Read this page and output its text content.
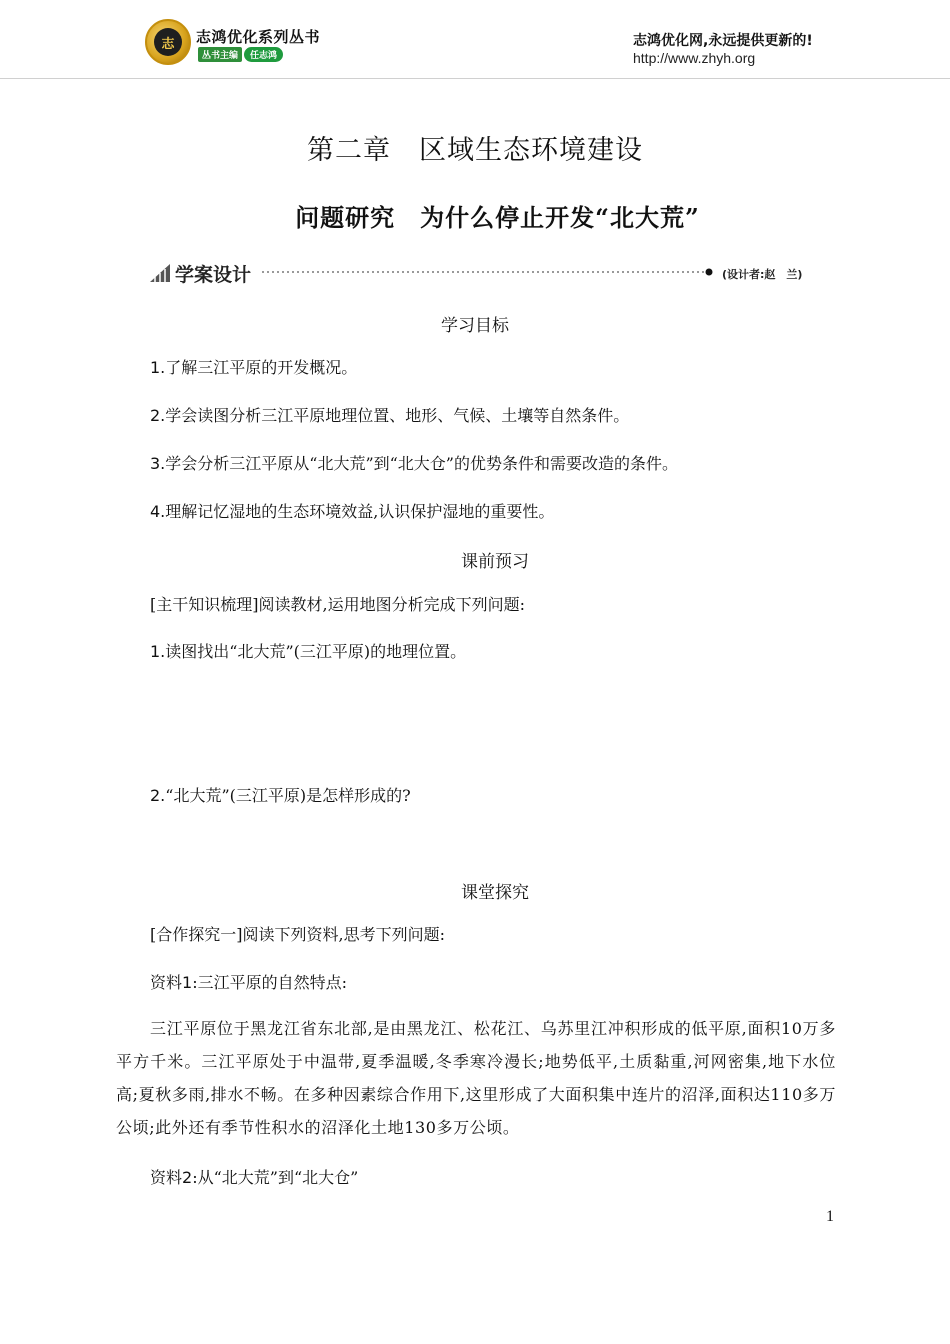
志 志鸿优化系列丛书
丛书主编	任志鸿
志鸿优化网,永远提供更新的!
http://www.zhyh.org
第二章　区域生态环境建设
问题研究　为什么停止开发“北大荒”
学案设计	(设计者:赵　兰)
学习目标
1.了解三江平原的开发概况。
2.学会读图分析三江平原地理位置、地形、气候、土壤等自然条件。
3.学会分析三江平原从“北大荒”到“北大仓”的优势条件和需要改造的条件。
4.理解记忆湿地的生态环境效益,认识保护湿地的重要性。
课前预习
[主干知识梳理]阅读教材,运用地图分析完成下列问题:
1.读图找出“北大荒”(三江平原)的地理位置。
2.“北大荒”(三江平原)是怎样形成的?
课堂探究
[合作探究一]阅读下列资料,思考下列问题:
资料1:三江平原的自然特点:
三江平原位于黑龙江省东北部,是由黑龙江、松花江、乌苏里江冲积形成的低平原,面积10万多平方千米。三江平原处于中温带,夏季温暖,冬季寒冷漫长;地势低平,土质黏重,河网密集,地下水位高;夏秋多雨,排水不畅。在多种因素综合作用下,这里形成了大面积集中连片的沼泽,面积达110多万公顷;此外还有季节性积水的沼泽化土地130多万公顷。
资料2:从“北大荒”到“北大仓”
1
